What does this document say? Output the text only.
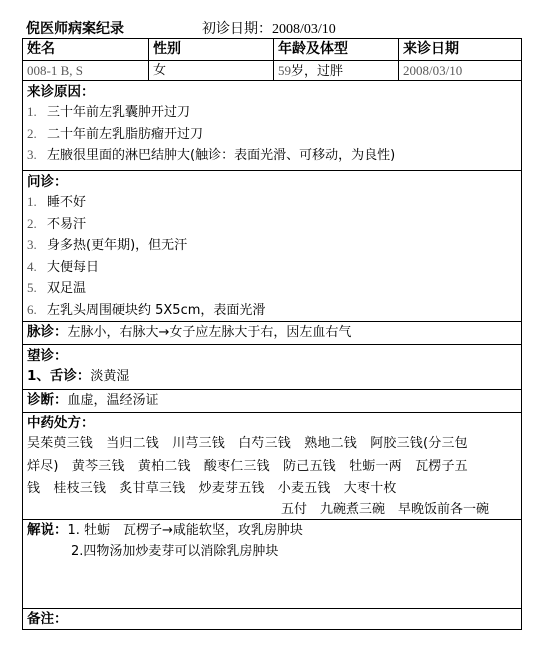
倪医师病案纪录	初诊日期：2008/03/10
姓名	性别	年龄及体型	来诊日期
008-1 B, S	女	59岁，过胖	2008/03/10
来诊原因：
1. 三十年前左乳囊肿开过刀
2. 二十年前左乳脂肪瘤开过刀
3. 左腋很里面的淋巴结肿大(触诊：表面光滑、可移动，为良性)
问诊：
1. 睡不好
2. 不易汗
3. 身多热(更年期)，但无汗
4. 大便每日
5. 双足温
6. 左乳头周围硬块约 5X5cm，表面光滑
脉诊：左脉小，右脉大→女子应左脉大于右，因左血右气
望诊：
1、舌诊：淡黄湿
诊断：血虚，温经汤证
中药处方：
吴茱萸三钱　当归二钱　川芎三钱　白芍三钱　熟地二钱　阿胶三钱(分三包
烊尽)　黄芩三钱　黄柏二钱　酸枣仁三钱　防己五钱　牡蛎一两　瓦楞子五
钱　桂枝三钱　炙甘草三钱　炒麦芽五钱　小麦五钱　大枣十枚
五付　九碗煮三碗　早晚饭前各一碗
解说：1. 牡蛎　瓦楞子→咸能软坚，攻乳房肿块
2.四物汤加炒麦芽可以消除乳房肿块
备注：
